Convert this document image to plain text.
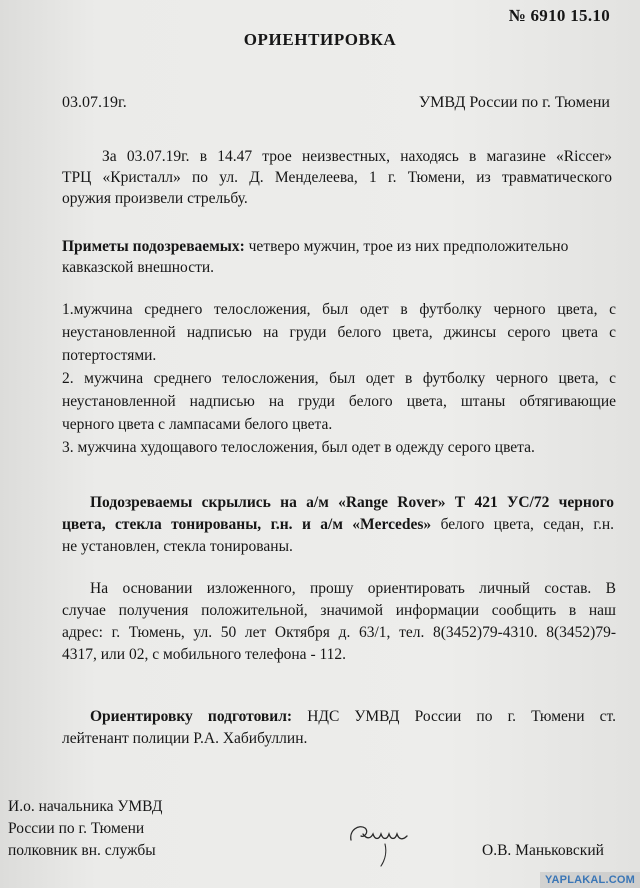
№ 6910 15.10
ОРИЕНТИРОВКА
03.07.19г.	УМВД России по г. Тюмени
За 03.07.19г. в 14.47 трое неизвестных, находясь в магазине «Riccer»
ТРЦ «Кристалл» по ул. Д. Менделеева, 1 г. Тюмени, из травматического
оружия произвели стрельбу.
Приметы подозреваемых: четверо мужчин, трое из них предположительно
кавказской внешности.
1.мужчина среднего телосложения, был одет в футболку черного цвета, с
неустановленной надписью на груди белого цвета, джинсы серого цвета с
потертостями.
2. мужчина среднего телосложения, был одет в футболку черного цвета, с
неустановленной надписью на груди белого цвета, штаны обтягивающие
черного цвета с лампасами белого цвета.
3. мужчина худощавого телосложения, был одет в одежду серого цвета.
Подозреваемы скрылись на а/м «Range Rover» Т 421 УС/72 черного
цвета, стекла тонированы, г.н. и а/м «Mercedes» белого цвета, седан, г.н.
не установлен, стекла тонированы.
На основании изложенного, прошу ориентировать личный состав. В
случае получения положительной, значимой информации сообщить в наш
адрес: г. Тюмень, ул. 50 лет Октября д. 63/1, тел. 8(3452)79-4310. 8(3452)79-
4317, или 02, с мобильного телефона - 112.
Ориентировку подготовил: НДС УМВД России по г. Тюмени ст.
лейтенант полиции Р.А. Хабибуллин.
И.о. начальника УМВД
России по г. Тюмени
полковник вн. службы	О.В. Маньковский
YAPLAKAL.COM
